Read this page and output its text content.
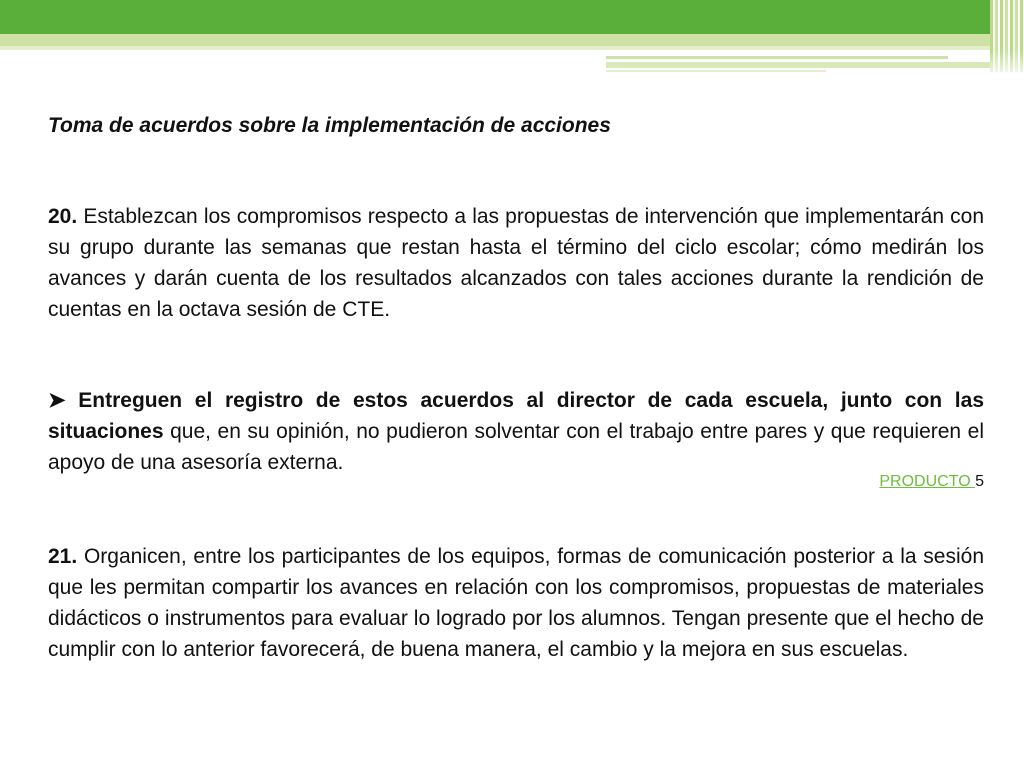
Toma de acuerdos sobre la implementación de acciones

20. Establezcan los compromisos respecto a las propuestas de intervención que implementarán con su grupo durante las semanas que restan hasta el término del ciclo escolar; cómo medirán los avances y darán cuenta de los resultados alcanzados con tales acciones durante la rendición de cuentas en la octava sesión de CTE.

➤ Entreguen el registro de estos acuerdos al director de cada escuela, junto con las situaciones que, en su opinión, no pudieron solventar con el trabajo entre pares y que requieren el apoyo de una asesoría externa.

PRODUCTO 5

21. Organicen, entre los participantes de los equipos, formas de comunicación posterior a la sesión que les permitan compartir los avances en relación con los compromisos, propuestas de materiales didácticos o instrumentos para evaluar lo logrado por los alumnos. Tengan presente que el hecho de cumplir con lo anterior favorecerá, de buena manera, el cambio y la mejora en sus escuelas.
